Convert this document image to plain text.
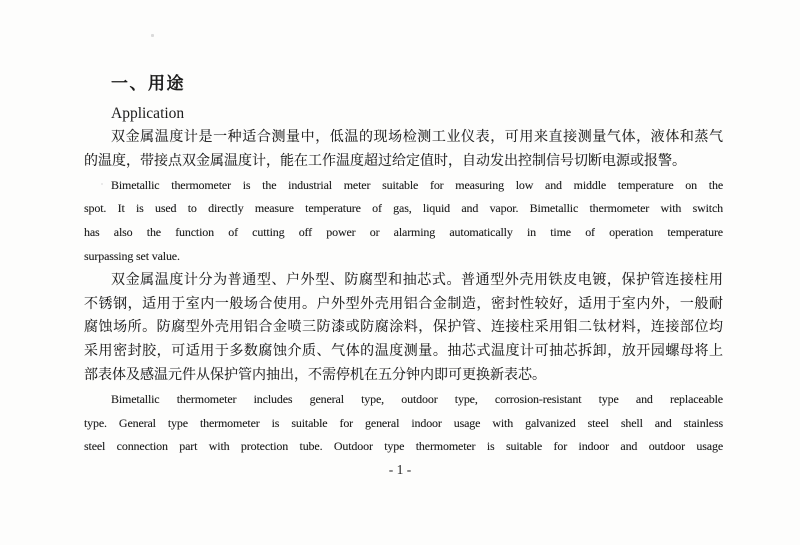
一、用途
Application
双金属温度计是一种适合测量中，低温的现场检测工业仪表，可用来直接测量气体，液体和蒸气
的温度，带接点双金属温度计，能在工作温度超过给定值时，自动发出控制信号切断电源或报警。
Bimetallic thermometer is the industrial meter suitable for measuring low and middle temperature on the
spot. It is used to directly measure temperature of gas, liquid and vapor. Bimetallic thermometer with switch
has also the function of cutting off power or alarming automatically in time of operation temperature
surpassing set value.
双金属温度计分为普通型、户外型、防腐型和抽芯式。普通型外壳用铁皮电镀，保护管连接柱用
不锈钢，适用于室内一般场合使用。户外型外壳用铝合金制造，密封性较好，适用于室内外，一般耐
腐蚀场所。防腐型外壳用铝合金喷三防漆或防腐涂料，保护管、连接柱采用钼二钛材料，连接部位均
采用密封胶，可适用于多数腐蚀介质、气体的温度测量。抽芯式温度计可抽芯拆卸，放开园螺母将上
部表体及感温元件从保护管内抽出，不需停机在五分钟内即可更换新表芯。
Bimetallic thermometer includes general type, outdoor type, corrosion-resistant type and replaceable
type. General type thermometer is suitable for general indoor usage with galvanized steel shell and stainless
steel connection part with protection tube. Outdoor type thermometer is suitable for indoor and outdoor usage
- 1 -
